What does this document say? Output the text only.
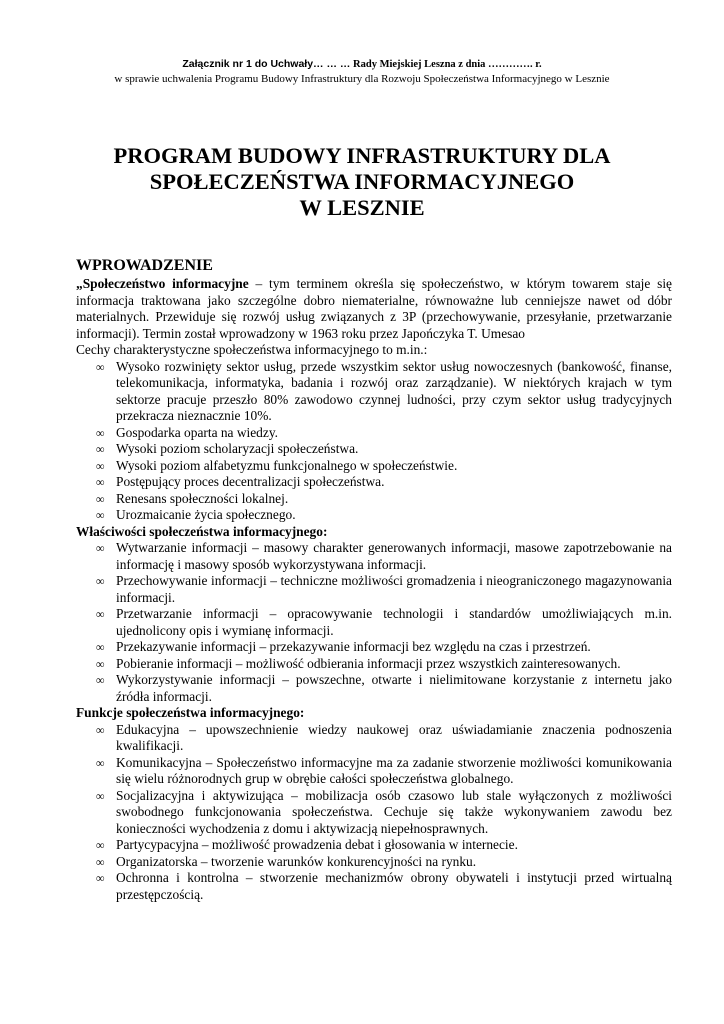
Załącznik nr 1 do Uchwały… … … Rady Miejskiej Leszna z dnia …………. r.
w sprawie uchwalenia Programu Budowy Infrastruktury dla Rozwoju Społeczeństwa Informacyjnego w Lesznie
PROGRAM BUDOWY INFRASTRUKTURY DLA
SPOŁECZEŃSTWA INFORMACYJNEGO
W LESZNIE
WPROWADZENIE

„Społeczeństwo informacyjne – tym terminem określa się społeczeństwo, w którym towarem staje się informacja traktowana jako szczególne dobro niematerialne, równoważne lub cenniejsze nawet od dóbr materialnych. Przewiduje się rozwój usług związanych z 3P (przechowywanie, przesyłanie, przetwarzanie informacji). Termin został wprowadzony w 1963 roku przez Japończyka T. Umesao

Cechy charakterystyczne społeczeństwa informacyjnego to m.in.:

∞ Wysoko rozwinięty sektor usług, przede wszystkim sektor usług nowoczesnych (bankowość, finanse, telekomunikacja, informatyka, badania i rozwój oraz zarządzanie). W niektórych krajach w tym sektorze pracuje przeszło 80% zawodowo czynnej ludności, przy czym sektor usług tradycyjnych przekracza nieznacznie 10%.
∞ Gospodarka oparta na wiedzy.
∞ Wysoki poziom scholaryzacji społeczeństwa.
∞ Wysoki poziom alfabetyzmu funkcjonalnego w społeczeństwie.
∞ Postępujący proces decentralizacji społeczeństwa.
∞ Renesans społeczności lokalnej.
∞ Urozmaicanie życia społecznego.

Właściwości społeczeństwa informacyjnego:

∞ Wytwarzanie informacji – masowy charakter generowanych informacji, masowe zapotrzebowanie na informację i masowy sposób wykorzystywana informacji.
∞ Przechowywanie informacji – techniczne możliwości gromadzenia i nieograniczonego magazynowania informacji.
∞ Przetwarzanie informacji – opracowywanie technologii i standardów umożliwiających m.in. ujednolicony opis i wymianę informacji.
∞ Przekazywanie informacji – przekazywanie informacji bez względu na czas i przestrzeń.
∞ Pobieranie informacji – możliwość odbierania informacji przez wszystkich zainteresowanych.
∞ Wykorzystywanie informacji – powszechne, otwarte i nielimitowane korzystanie z internetu jako źródła informacji.

Funkcje społeczeństwa informacyjnego:

∞ Edukacyjna – upowszechnienie wiedzy naukowej oraz uświadamianie znaczenia podnoszenia kwalifikacji.
∞ Komunikacyjna – Społeczeństwo informacyjne ma za zadanie stworzenie możliwości komunikowania się wielu różnorodnych grup w obrębie całości społeczeństwa globalnego.
∞ Socjalizacyjna i aktywizująca – mobilizacja osób czasowo lub stale wyłączonych z możliwości swobodnego funkcjonowania społeczeństwa. Cechuje się także wykonywaniem zawodu bez konieczności wychodzenia z domu i aktywizacją niepełnosprawnych.
∞ Partycypacyjna – możliwość prowadzenia debat i głosowania w internecie.
∞ Organizatorska – tworzenie warunków konkurencyjności na rynku.
∞ Ochronna i kontrolna – stworzenie mechanizmów obrony obywateli i instytucji przed wirtualną przestępczością.
